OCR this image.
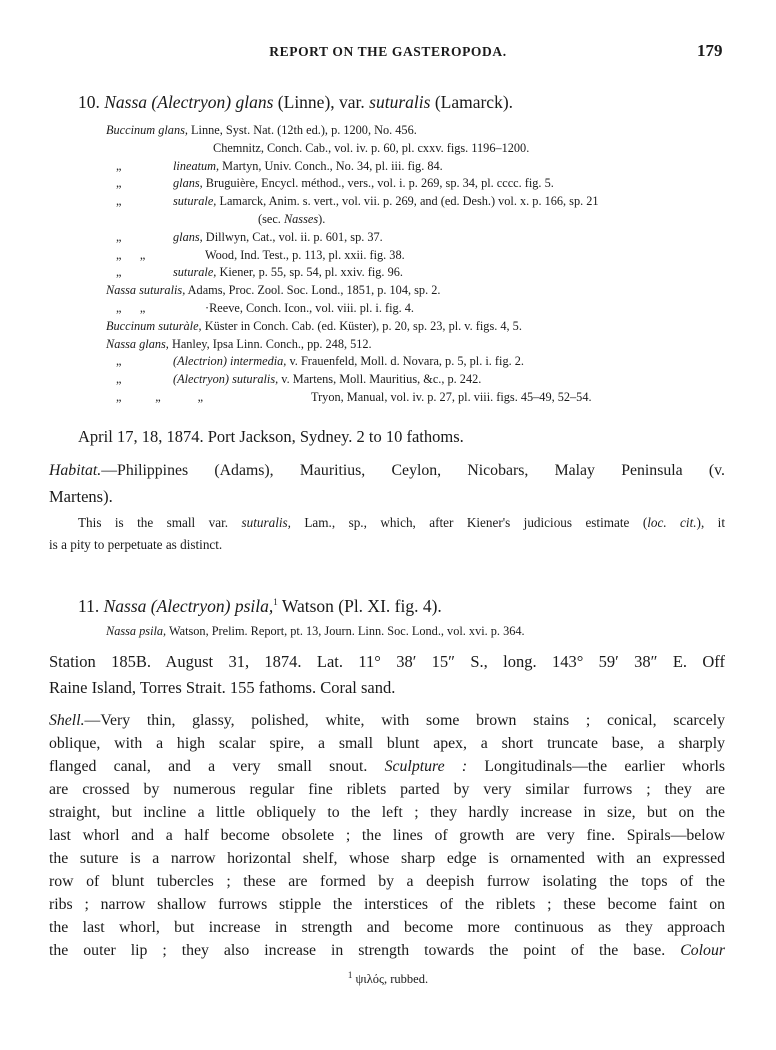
REPORT ON THE GASTEROPODA.	179
10. Nassa (Alectryon) glans (Linne), var. suturalis (Lamarck).
Buccinum glans, Linne, Syst. Nat. (12th ed.), p. 1200, No. 456.
Chemnitz, Conch. Cab., vol. iv. p. 60, pl. cxxv. figs. 1196–1200.
„	lineatum, Martyn, Univ. Conch., No. 34, pl. iii. fig. 84.
„	glans, Bruguière, Encycl. méthod., vers., vol. i. p. 269, sp. 34, pl. cccc. fig. 5.
„	suturale, Lamarck, Anim. s. vert., vol. vii. p. 269, and (ed. Desh.) vol. x. p. 166, sp. 21
(sec. Nasses).
„	glans, Dillwyn, Cat., vol. ii. p. 601, sp. 37.
„      „	Wood, Ind. Test., p. 113, pl. xxii. fig. 38.
„	suturale, Kiener, p. 55, sp. 54, pl. xxiv. fig. 96.
Nassa suturalis, Adams, Proc. Zool. Soc. Lond., 1851, p. 104, sp. 2.
„      „	·Reeve, Conch. Icon., vol. viii. pl. i. fig. 4.
Buccinum suturàle, Küster in Conch. Cab. (ed. Küster), p. 20, sp. 23, pl. v. figs. 4, 5.
Nassa glans, Hanley, Ipsa Linn. Conch., pp. 248, 512.
„	(Alectrion) intermedia, v. Frauenfeld, Moll. d. Novara, p. 5, pl. i. fig. 2.
„	(Alectryon) suturalis, v. Martens, Moll. Mauritius, &c., p. 242.
„           „            „	Tryon, Manual, vol. iv. p. 27, pl. viii. figs. 45–49, 52–54.
April 17, 18, 1874. Port Jackson, Sydney. 2 to 10 fathoms.
Habitat.—Philippines (Adams), Mauritius, Ceylon, Nicobars, Malay Peninsula (v.
Martens).
This is the small var. suturalis, Lam., sp., which, after Kiener's judicious estimate (loc. cit.), it
is a pity to perpetuate as distinct.
11. Nassa (Alectryon) psila,$^1$ Watson (Pl. XI. fig. 4).
Nassa psila, Watson, Prelim. Report, pt. 13, Journ. Linn. Soc. Lond., vol. xvi. p. 364.
Station 185B. August 31, 1874. Lat. 11° 38′ 15″ S., long. 143° 59′ 38″ E. Off
Raine Island, Torres Strait. 155 fathoms. Coral sand.
Shell.—Very thin, glassy, polished, white, with some brown stains ; conical, scarcely
oblique, with a high scalar spire, a small blunt apex, a short truncate base, a sharply
flanged canal, and a very small snout. Sculpture : Longitudinals—the earlier whorls
are crossed by numerous regular fine riblets parted by very similar furrows ; they are
straight, but incline a little obliquely to the left ; they hardly increase in size, but on the
last whorl and a half become obsolete ; the lines of growth are very fine. Spirals—below
the suture is a narrow horizontal shelf, whose sharp edge is ornamented with an expressed
row of blunt tubercles ; these are formed by a deepish furrow isolating the tops of the
ribs ; narrow shallow furrows stipple the interstices of the riblets ; these become faint on
the last whorl, but increase in strength and become more continuous as they approach
the outer lip ; they also increase in strength towards the point of the base. Colour
$^1$ ψιλός, rubbed.
